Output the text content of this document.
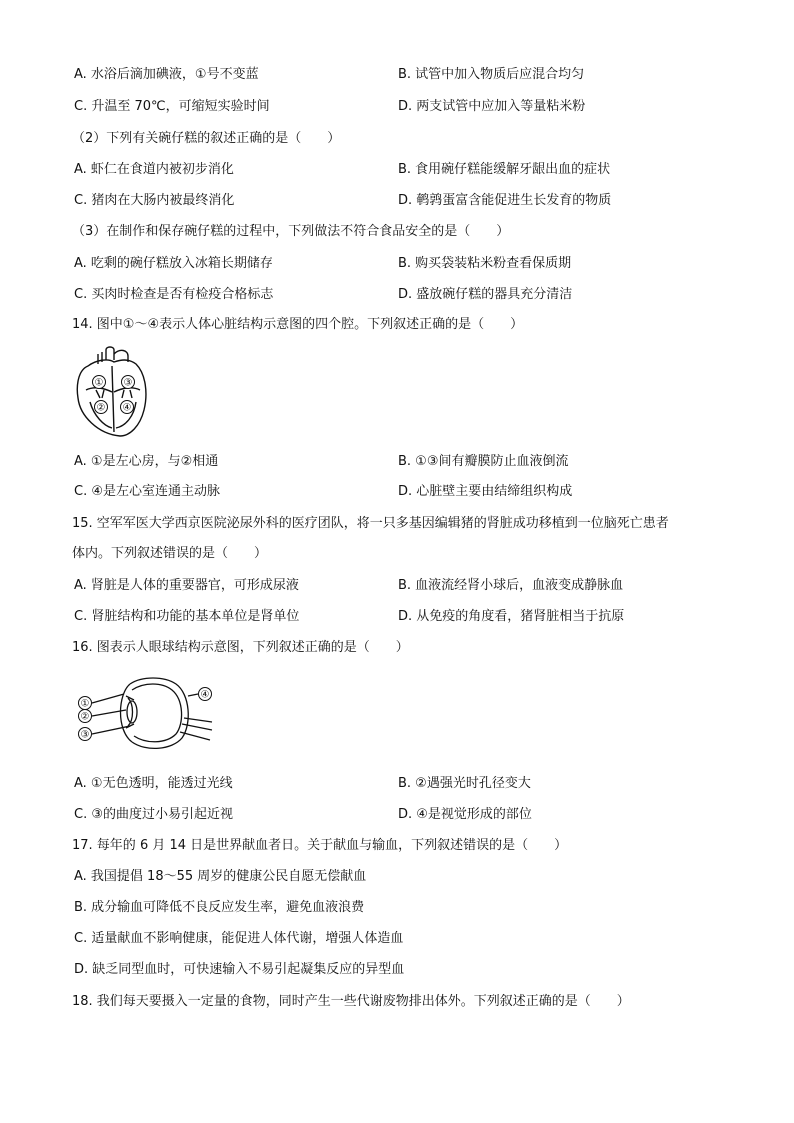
A. 水浴后滴加碘液，①号不变蓝	B. 试管中加入物质后应混合均匀
C. 升温至 70℃，可缩短实验时间	D. 两支试管中应加入等量粘米粉
（2）下列有关碗仔糕的叙述正确的是（　　）
A. 虾仁在食道内被初步消化	B. 食用碗仔糕能缓解牙龈出血的症状
C. 猪肉在大肠内被最终消化	D. 鹌鹑蛋富含能促进生长发育的物质
（3）在制作和保存碗仔糕的过程中，下列做法不符合食品安全的是（　　）
A. 吃剩的碗仔糕放入冰箱长期储存	B. 购买袋装粘米粉查看保质期
C. 买肉时检查是否有检疫合格标志	D. 盛放碗仔糕的器具充分清洁
14. 图中①～④表示人体心脏结构示意图的四个腔。下列叙述正确的是（　　）
① ③
② ④
A. ①是左心房，与②相通	B. ①③间有瓣膜防止血液倒流
C. ④是左心室连通主动脉	D. 心脏壁主要由结缔组织构成
15. 空军军医大学西京医院泌尿外科的医疗团队，将一只多基因编辑猪的肾脏成功移植到一位脑死亡患者
体内。下列叙述错误的是（　　）
A. 肾脏是人体的重要器官，可形成尿液	B. 血液流经肾小球后，血液变成静脉血
C. 肾脏结构和功能的基本单位是肾单位	D. 从免疫的角度看，猪肾脏相当于抗原
16. 图表示人眼球结构示意图，下列叙述正确的是（　　）
①
②
③
④
A. ①无色透明，能透过光线	B. ②遇强光时孔径变大
C. ③的曲度过小易引起近视	D. ④是视觉形成的部位
17. 每年的 6 月 14 日是世界献血者日。关于献血与输血，下列叙述错误的是（　　）
A. 我国提倡 18～55 周岁的健康公民自愿无偿献血
B. 成分输血可降低不良反应发生率，避免血液浪费
C. 适量献血不影响健康，能促进人体代谢，增强人体造血
D. 缺乏同型血时，可快速输入不易引起凝集反应的异型血
18. 我们每天要摄入一定量的食物，同时产生一些代谢废物排出体外。下列叙述正确的是（　　）
